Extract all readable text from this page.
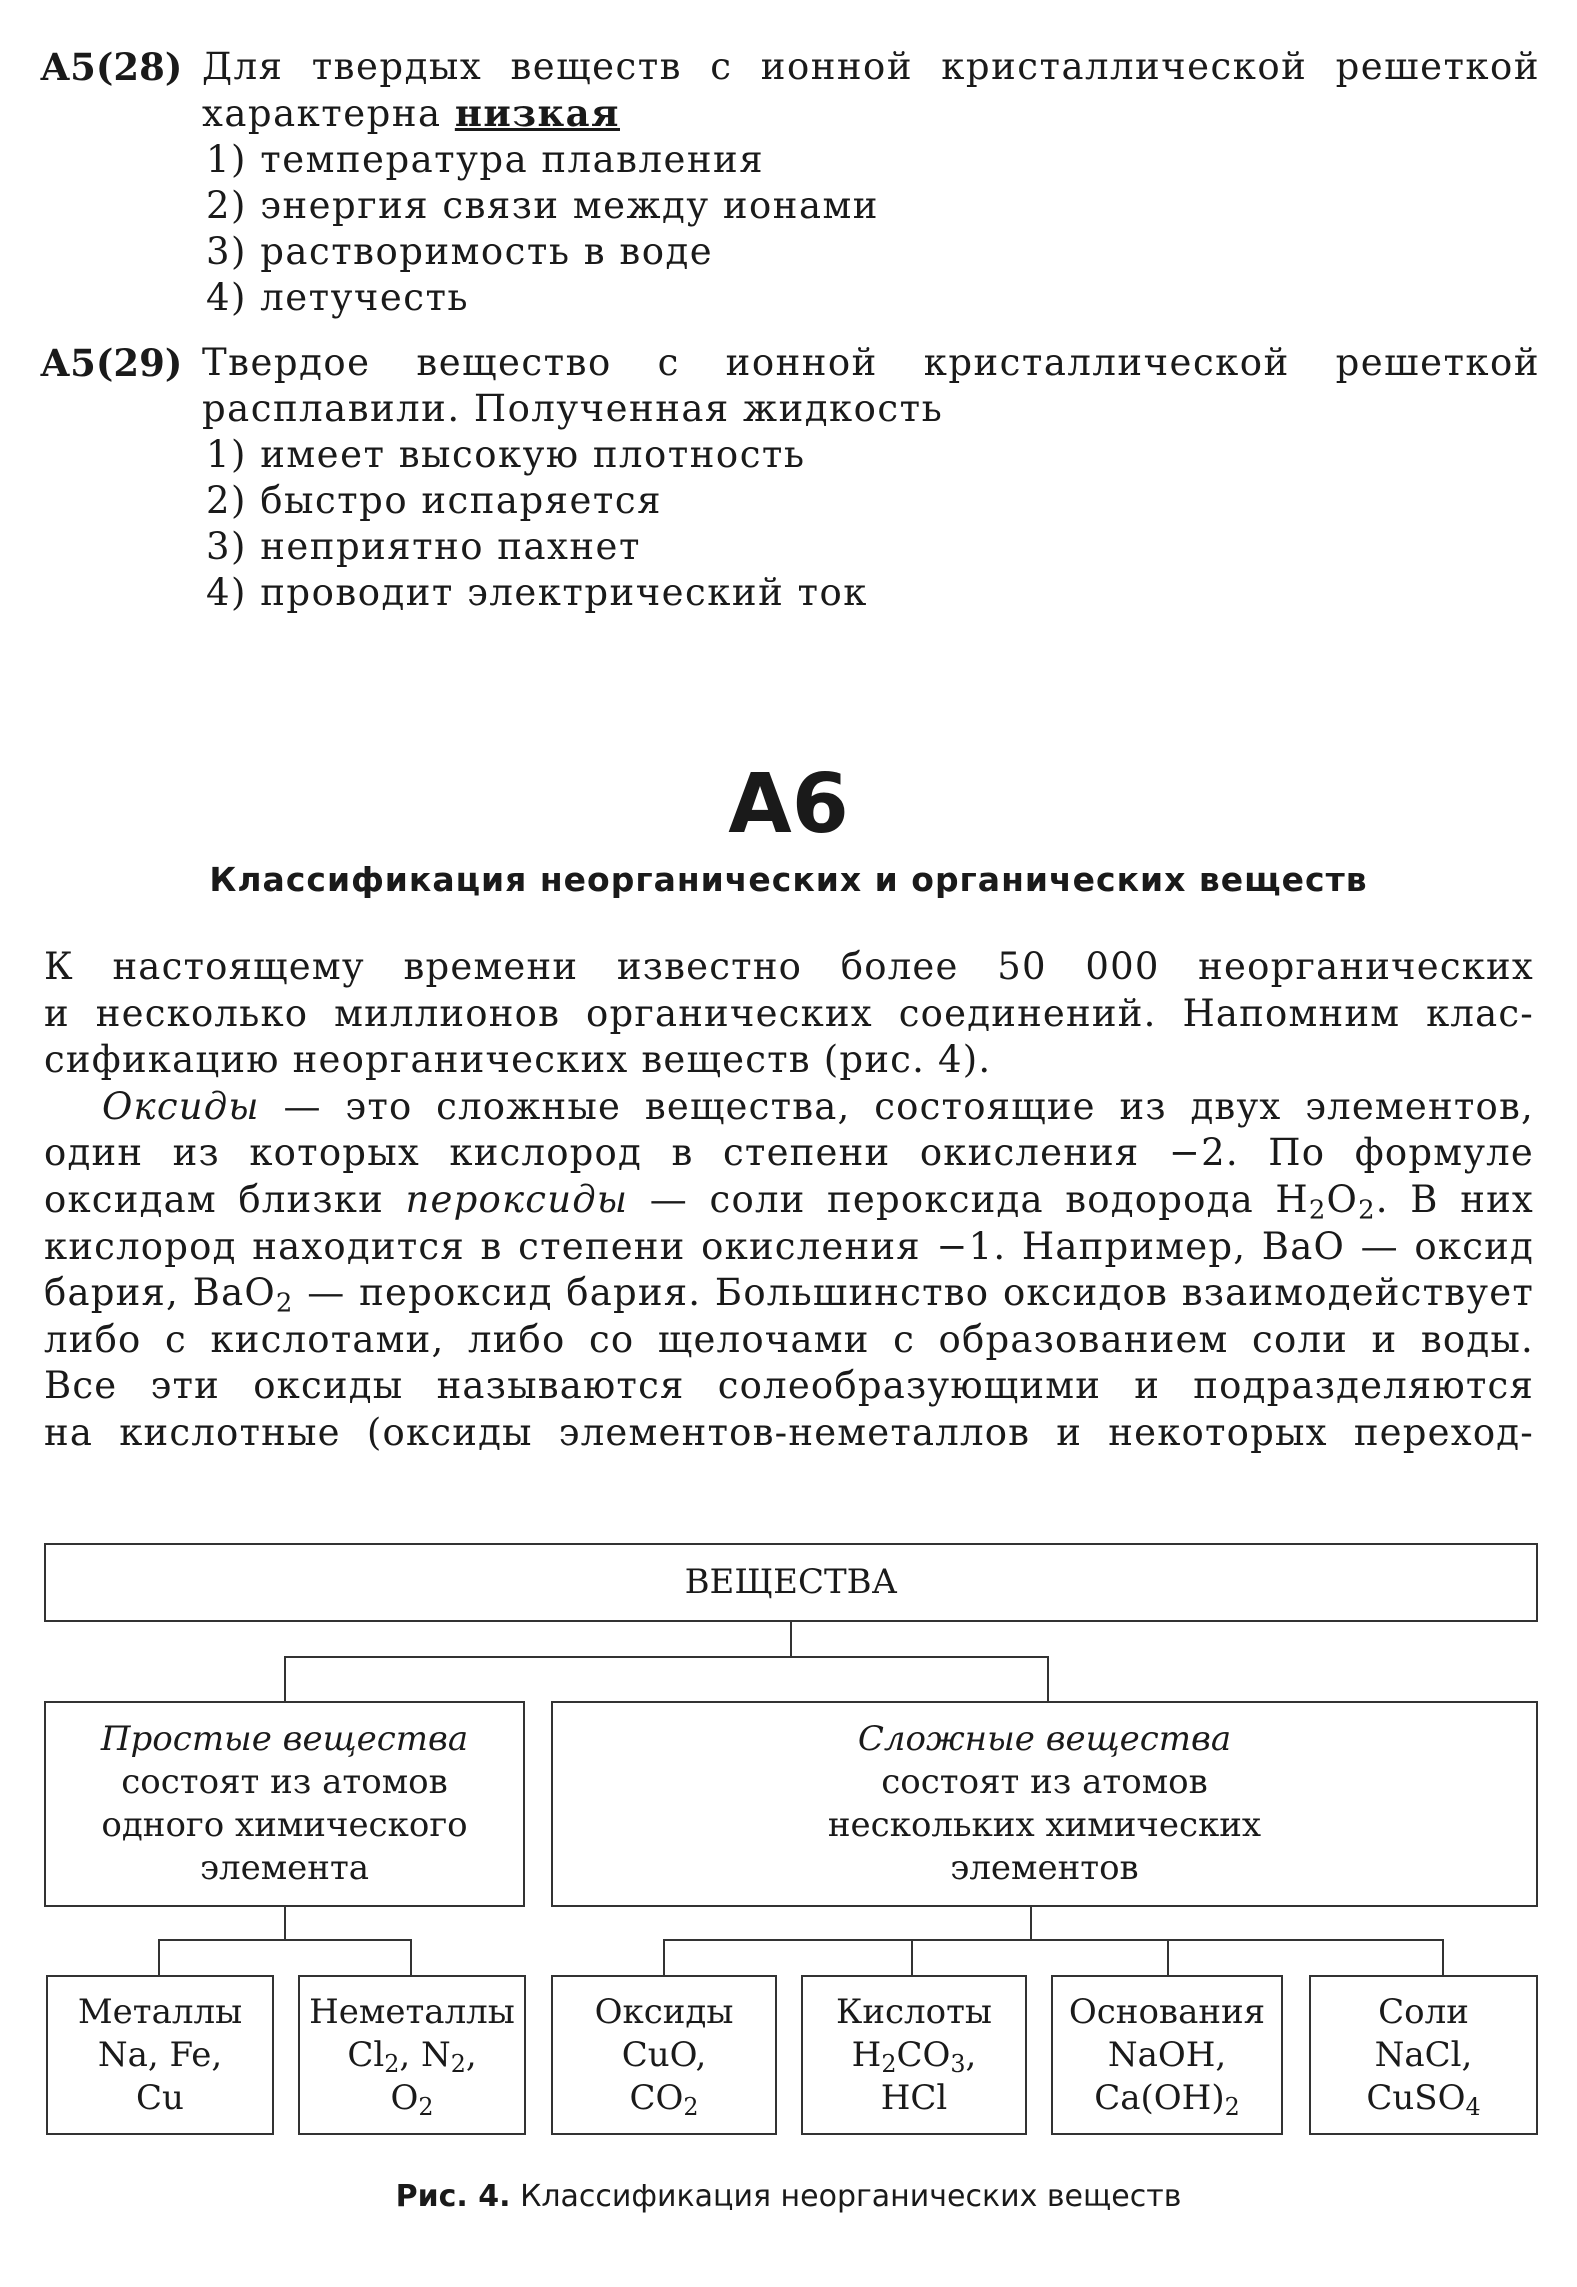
А5(28) Для твердых веществ с ионной кристаллической решеткой характерна низкая
1) температура плавления
2) энергия связи между ионами
3) растворимость в воде
4) летучесть
А5(29) Твердое вещество с ионной кристаллической решеткой расплавили. Полученная жидкость
1) имеет высокую плотность
2) быстро испаряется
3) неприятно пахнет
4) проводит электрический ток
А6
Классификация неорганических и органических веществ
К настоящему времени известно более 50 000 неорганических
и несколько миллионов органических соединений. Напомним клас-
сификацию неорганических веществ (рис. 4).
Оксиды — это сложные вещества, состоящие из двух элементов,
один из которых кислород в степени окисления −2. По формуле
оксидам близки пероксиды — соли пероксида водорода $H_2O_2$. В них
кислород находится в степени окисления −1. Например, BaO — оксид
бария, BaO$_2$ — пероксид бария. Большинство оксидов взаимодействует
либо с кислотами, либо со щелочами с образованием соли и воды.
Все эти оксиды называются солеобразующими и подразделяются
на кислотные (оксиды элементов-неметаллов и некоторых переход-
ВЕЩЕСТВА
Простые вещества
состоят из атомов
одного химического
элемента
Сложные вещества
состоят из атомов
нескольких химических
элементов
Металлы
Na, Fe,
Cu
Неметаллы
$Cl_2$, $N_2$,
$O_2$
Оксиды
CuO,
$CO_2$
Кислоты
$H_2CO_3$,
HCl
Основания
NaOH,
$Ca(OH)_2$
Соли
NaCl,
CuSO$_4$
Рис. 4. Классификация неорганических веществ
